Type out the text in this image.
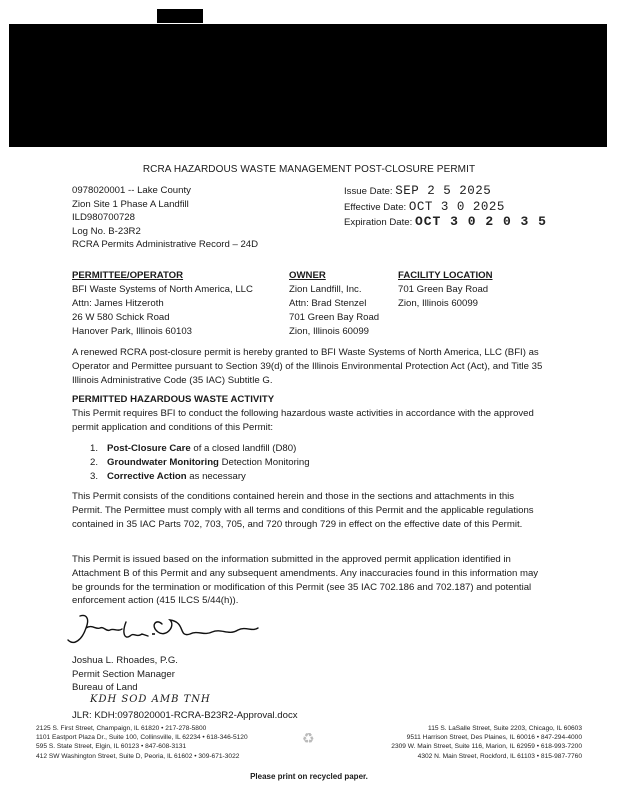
RCRA HAZARDOUS WASTE MANAGEMENT POST-CLOSURE PERMIT
0978020001 -- Lake County
Zion Site 1 Phase A Landfill
ILD980700728
Log No. B-23R2
RCRA Permits Administrative Record – 24D
Issue Date: SEP 2 5 2025
Effective Date: OCT 3 0 2025
Expiration Date: OCT 3 0 2 0 3 5
PERMITTEE/OPERATOR
BFI Waste Systems of North America, LLC
Attn: James Hitzeroth
26 W 580 Schick Road
Hanover Park, Illinois 60103
OWNER
Zion Landfill, Inc.
Attn: Brad Stenzel
701 Green Bay Road
Zion, Illinois 60099
FACILITY LOCATION
701 Green Bay Road
Zion, Illinois 60099

A renewed RCRA post-closure permit is hereby granted to BFI Waste Systems of North America, LLC (BFI) as Operator and Permittee pursuant to Section 39(d) of the Illinois Environmental Protection Act (Act), and Title 35 Illinois Administrative Code (35 IAC) Subtitle G.

PERMITTED HAZARDOUS WASTE ACTIVITY

This Permit requires BFI to conduct the following hazardous waste activities in accordance with the approved permit application and conditions of this Permit:

1. Post-Closure Care of a closed landfill (D80)
2. Groundwater Monitoring Detection Monitoring
3. Corrective Action as necessary

This Permit consists of the conditions contained herein and those in the sections and attachments in this Permit. The Permittee must comply with all terms and conditions of this Permit and the applicable regulations contained in 35 IAC Parts 702, 703, 705, and 720 through 729 in effect on the effective date of this Permit.

This Permit is issued based on the information submitted in the approved permit application identified in Attachment B of this Permit and any subsequent amendments. Any inaccuracies found in this information may be grounds for the termination or modification of this Permit (see 35 IAC 702.186 and 702.187) and potential enforcement action (415 ILCS 5/44(h)).

Joshua L. Rhoades, P.G.
Permit Section Manager
Bureau of Land
KDH SOD AMB TNH
JLR: KDH:0978020001-RCRA-B23R2-Approval.docx
2125 S. First Street, Champaign, IL 61820 • 217-278-5800
1101 Eastport Plaza Dr., Suite 100, Collinsville, IL 62234 • 618-346-5120
595 S. State Street, Elgin, IL 60123 • 847-608-3131
412 SW Washington Street, Suite D, Peoria, IL 61602 • 309-671-3022
♻
115 S. LaSalle Street, Suite 2203, Chicago, IL 60603
9511 Harrison Street, Des Plaines, IL 60016 • 847-294-4000
2309 W. Main Street, Suite 116, Marion, IL 62959 • 618-993-7200
4302 N. Main Street, Rockford, IL 61103 • 815-987-7760
Please print on recycled paper.
